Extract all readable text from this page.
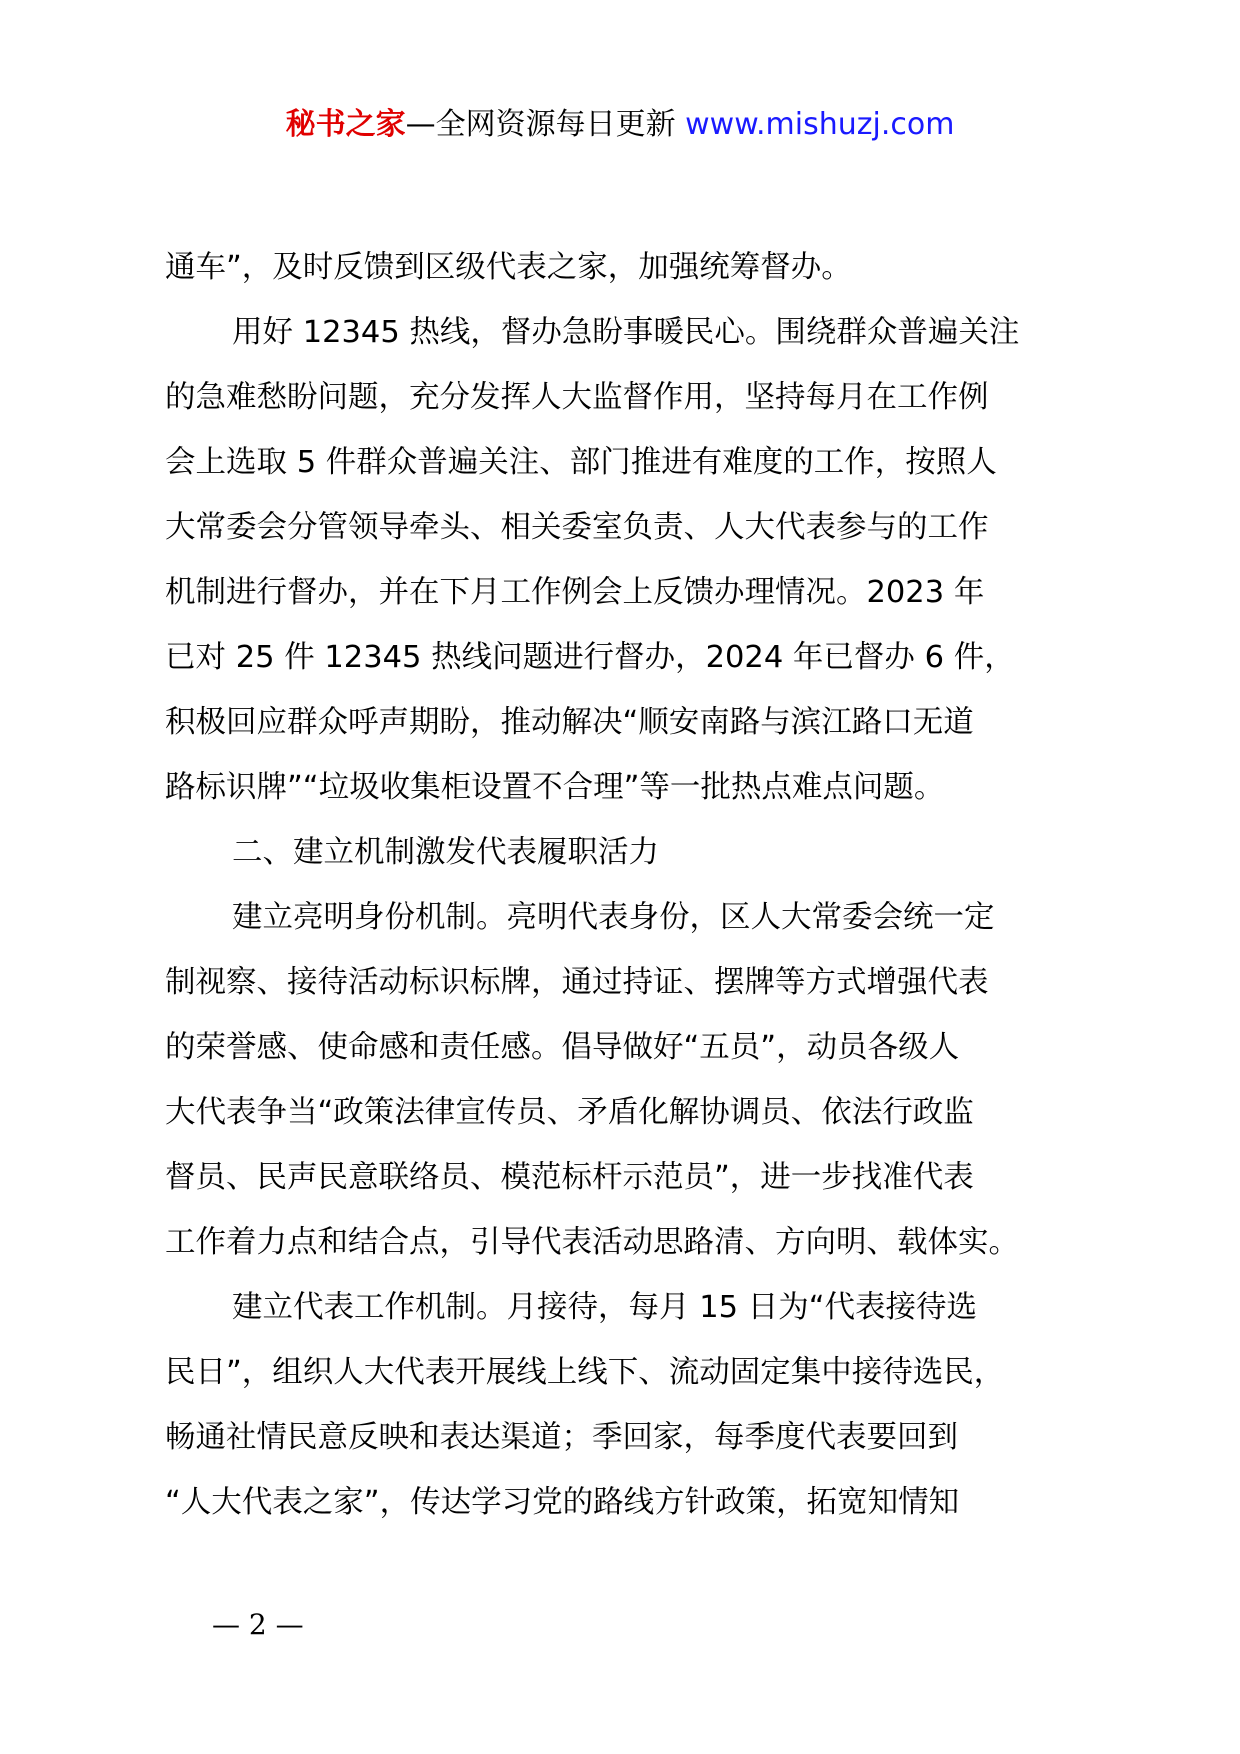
秘书之家—全网资源每日更新 www.mishuzj.com
通车”，及时反馈到区级代表之家，加强统筹督办。
用好 12345 热线，督办急盼事暖民心。围绕群众普遍关注
的急难愁盼问题，充分发挥人大监督作用，坚持每月在工作例
会上选取 5 件群众普遍关注、部门推进有难度的工作，按照人
大常委会分管领导牵头、相关委室负责、人大代表参与的工作
机制进行督办，并在下月工作例会上反馈办理情况。2023 年
已对 25 件 12345 热线问题进行督办，2024 年已督办 6 件，
积极回应群众呼声期盼，推动解决“顺安南路与滨江路口无道
路标识牌”“垃圾收集柜设置不合理”等一批热点难点问题。
二、建立机制激发代表履职活力
建立亮明身份机制。亮明代表身份，区人大常委会统一定
制视察、接待活动标识标牌，通过持证、摆牌等方式增强代表
的荣誉感、使命感和责任感。倡导做好“五员”，动员各级人
大代表争当“政策法律宣传员、矛盾化解协调员、依法行政监
督员、民声民意联络员、模范标杆示范员”，进一步找准代表
工作着力点和结合点，引导代表活动思路清、方向明、载体实。
建立代表工作机制。月接待，每月 15 日为“代表接待选
民日”，组织人大代表开展线上线下、流动固定集中接待选民，
畅通社情民意反映和表达渠道；季回家，每季度代表要回到
“人大代表之家”，传达学习党的路线方针政策，拓宽知情知
— 2 —
